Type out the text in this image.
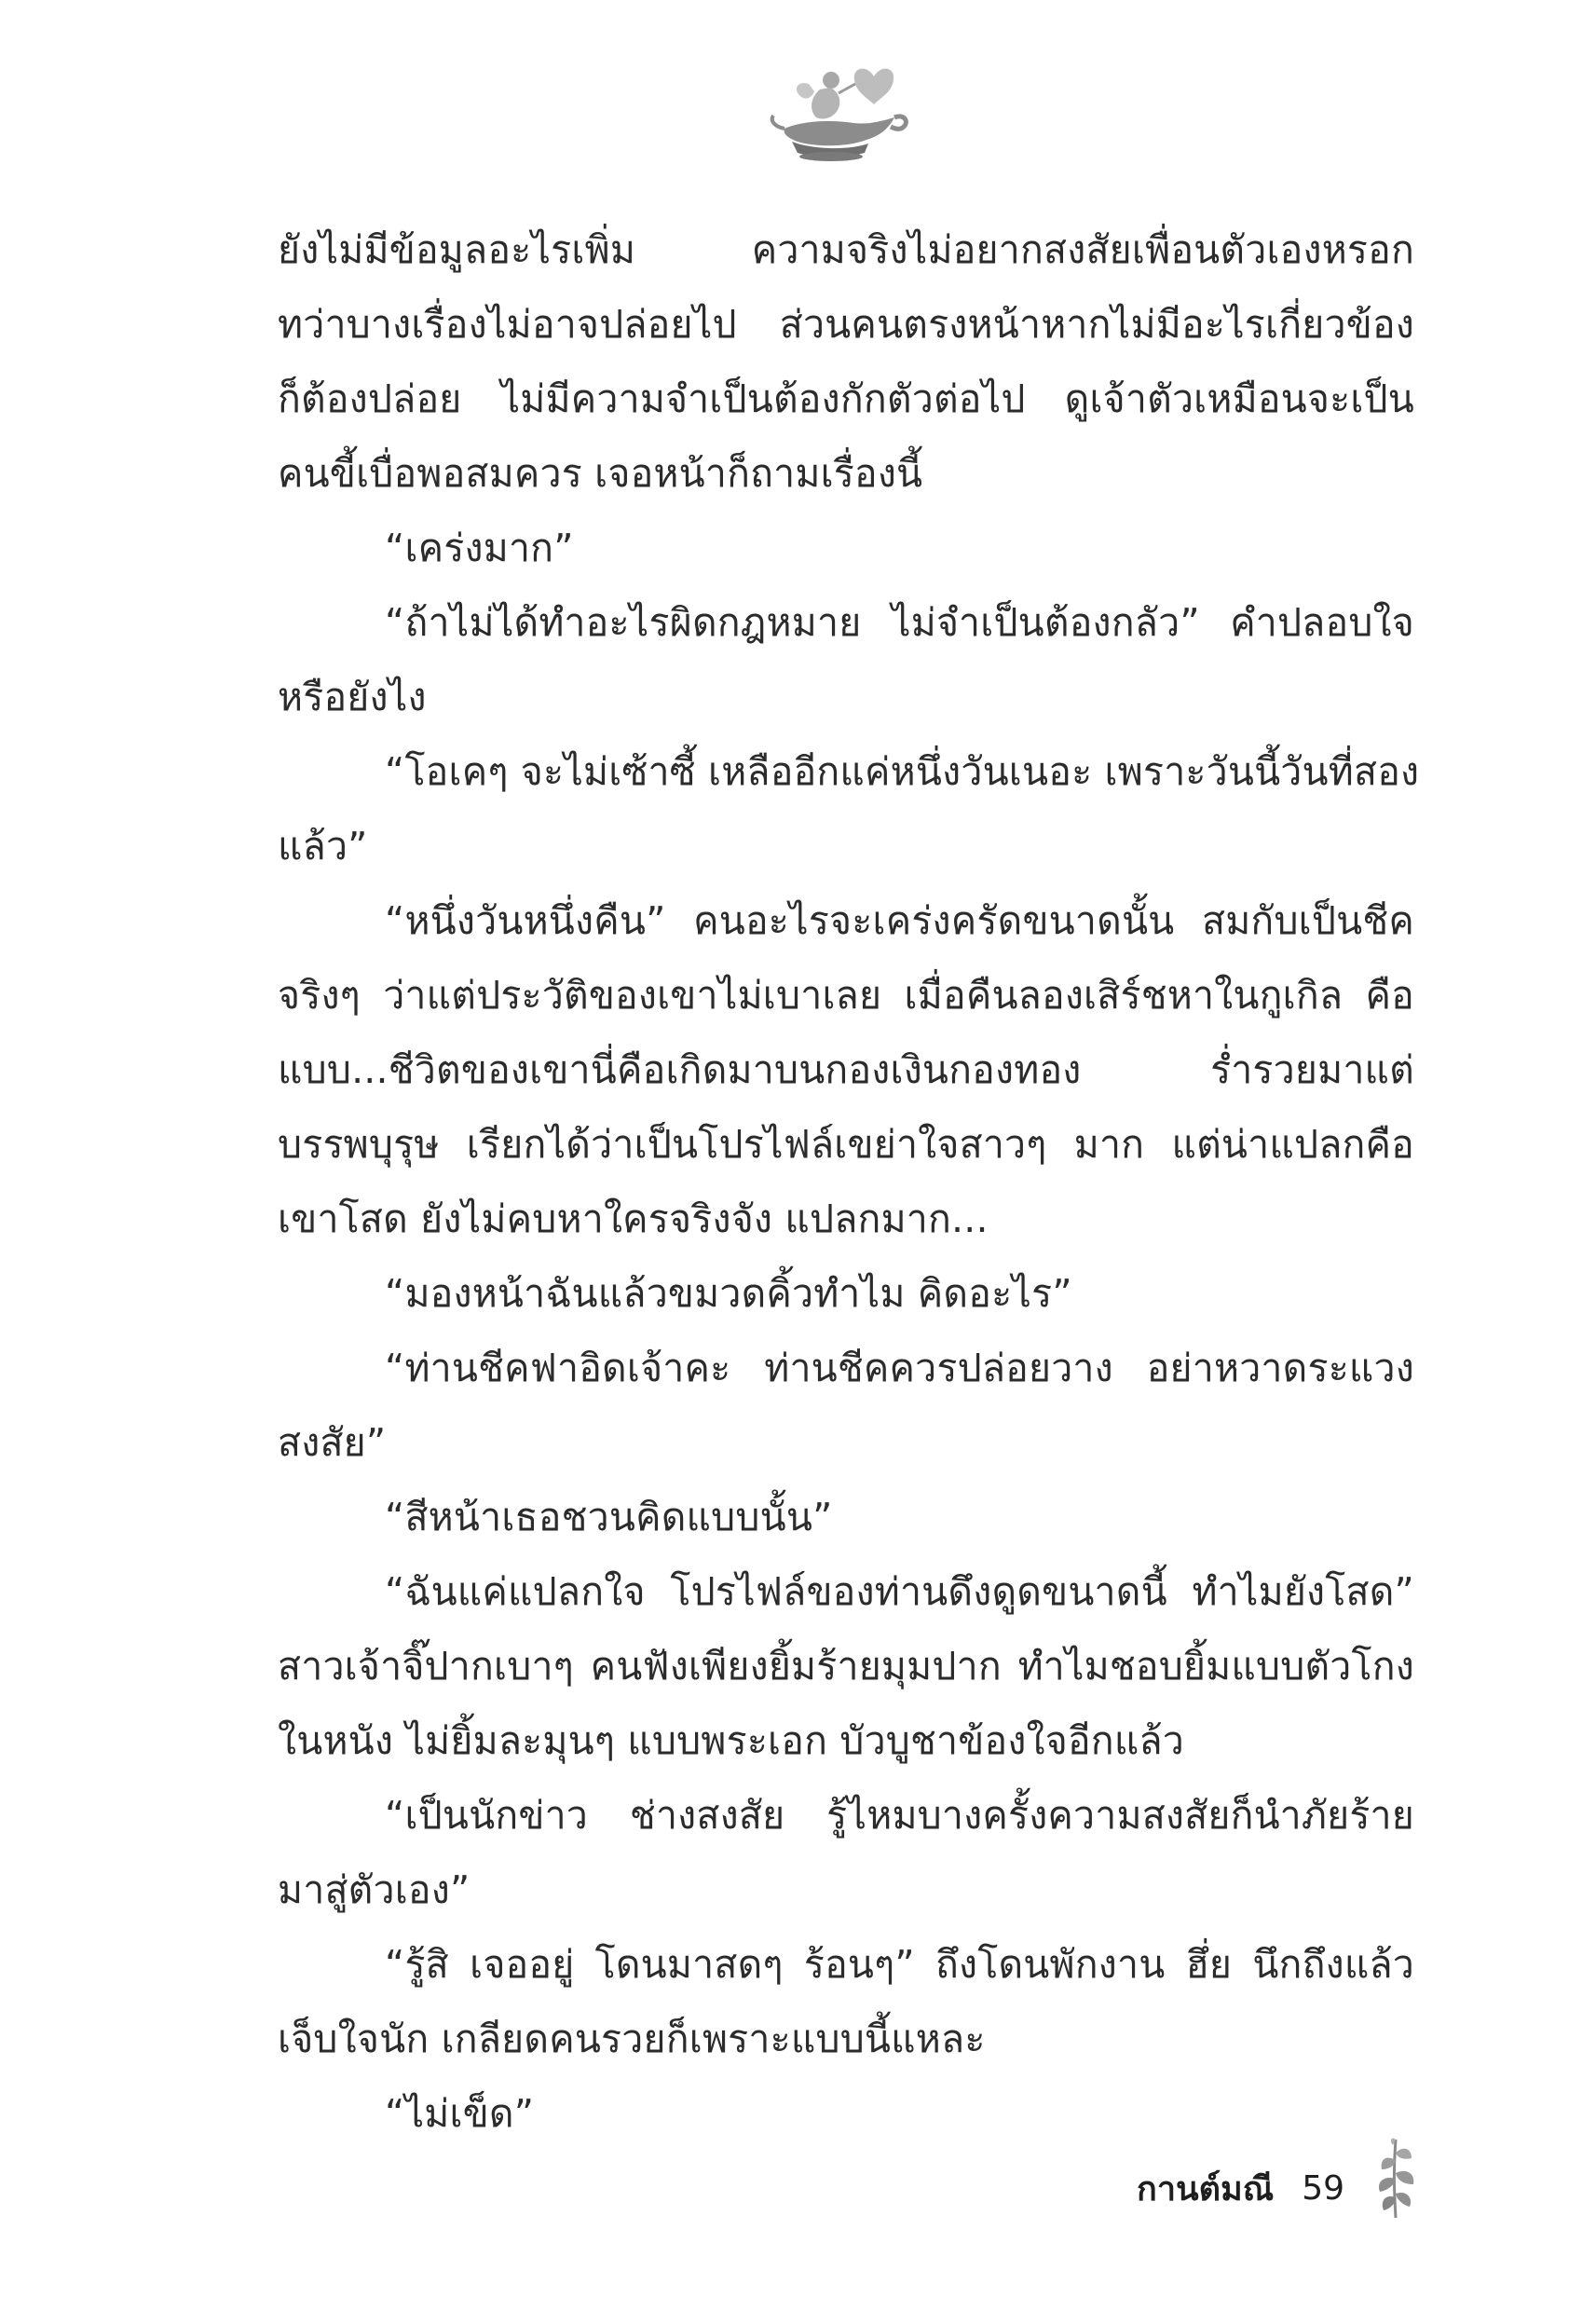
ยังไม่มีข้อมูลอะไรเพิ่ม ความจริงไม่อยากสงสัยเพื่อนตัวเองหรอก
ทว่าบางเรื่องไม่อาจปล่อยไป ส่วนคนตรงหน้าหากไม่มีอะไรเกี่ยวข้อง
ก็ต้องปล่อย ไม่มีความจำเป็นต้องกักตัวต่อไป ดูเจ้าตัวเหมือนจะเป็น
คนขี้เบื่อพอสมควร เจอหน้าก็ถามเรื่องนี้
“เคร่งมาก”
“ถ้าไม่ได้ทำอะไรผิดกฎหมาย ไม่จำเป็นต้องกลัว” คำปลอบใจ
หรือยังไง
“โอเคๆ จะไม่เซ้าซี้ เหลืออีกแค่หนึ่งวันเนอะ เพราะวันนี้วันที่สอง
แล้ว”
“หนึ่งวันหนึ่งคืน” คนอะไรจะเคร่งครัดขนาดนั้น สมกับเป็นชีค
จริงๆ ว่าแต่ประวัติของเขาไม่เบาเลย เมื่อคืนลองเสิร์ชหาในกูเกิล คือ
แบบ...ชีวิตของเขานี่คือเกิดมาบนกองเงินกองทอง ร่ำรวยมาแต่
บรรพบุรุษ เรียกได้ว่าเป็นโปรไฟล์เขย่าใจสาวๆ มาก แต่น่าแปลกคือ
เขาโสด ยังไม่คบหาใครจริงจัง แปลกมาก...
“มองหน้าฉันแล้วขมวดคิ้วทำไม คิดอะไร”
“ท่านชีคฟาอิดเจ้าคะ ท่านชีคควรปล่อยวาง อย่าหวาดระแวง
สงสัย”
“สีหน้าเธอชวนคิดแบบนั้น”
“ฉันแค่แปลกใจ โปรไฟล์ของท่านดึงดูดขนาดนี้ ทำไมยังโสด”
สาวเจ้าจิ๊ปากเบาๆ คนฟังเพียงยิ้มร้ายมุมปาก ทำไมชอบยิ้มแบบตัวโกง
ในหนัง ไม่ยิ้มละมุนๆ แบบพระเอก บัวบูชาข้องใจอีกแล้ว
“เป็นนักข่าว ช่างสงสัย รู้ไหมบางครั้งความสงสัยก็นำภัยร้าย
มาสู่ตัวเอง”
“รู้สิ เจออยู่ โดนมาสดๆ ร้อนๆ” ถึงโดนพักงาน ฮึ่ย นึกถึงแล้ว
เจ็บใจนัก เกลียดคนรวยก็เพราะแบบนี้แหละ
“ไม่เข็ด”
กานต์มณี 59
